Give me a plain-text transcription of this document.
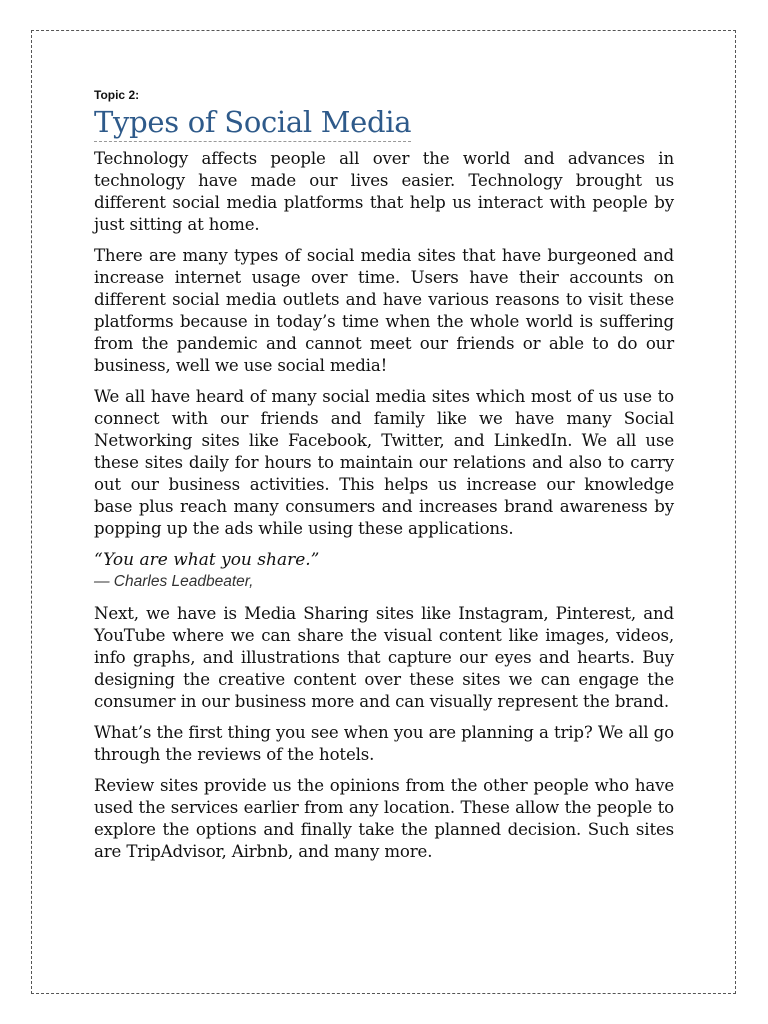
Topic 2:
Types of Social Media

Technology affects people all over the world and advances in technology have made our lives easier. Technology brought us different social media platforms that help us interact with people by just sitting at home.

There are many types of social media sites that have burgeoned and increase internet usage over time. Users have their accounts on different social media outlets and have various reasons to visit these platforms because in today’s time when the whole world is suffering from the pandemic and cannot meet our friends or able to do our business, well we use social media!

We all have heard of many social media sites which most of us use to connect with our friends and family like we have many Social Networking sites like Facebook, Twitter, and LinkedIn. We all use these sites daily for hours to maintain our relations and also to carry out our business activities. This helps us increase our knowledge base plus reach many consumers and increases brand awareness by popping up the ads while using these applications.

“You are what you share.”
— Charles Leadbeater,

Next, we have is Media Sharing sites like Instagram, Pinterest, and YouTube where we can share the visual content like images, videos, info graphs, and illustrations that capture our eyes and hearts. Buy designing the creative content over these sites we can engage the consumer in our business more and can visually represent the brand.

What’s the first thing you see when you are planning a trip? We all go through the reviews of the hotels.

Review sites provide us the opinions from the other people who have used the services earlier from any location. These allow the people to explore the options and finally take the planned decision. Such sites are TripAdvisor, Airbnb, and many more.
